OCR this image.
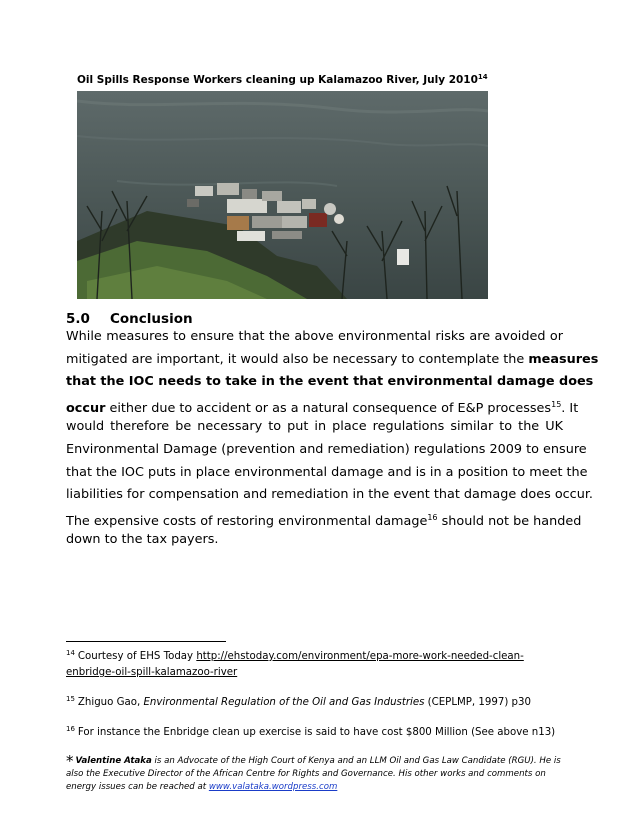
Oil Spills Response Workers cleaning up Kalamazoo River, July 2010$^{14}$
5.0 Conclusion
While measures to ensure that the above environmental risks are avoided or
mitigated are important, it would also be necessary to contemplate the measures
that the IOC needs to take in the event that environmental damage does
occur either due to accident or as a natural consequence of E&P processes$^{15}$. It
would therefore be necessary to put in place regulations similar to the UK
Environmental Damage (prevention and remediation) regulations 2009 to ensure
that the IOC puts in place environmental damage and is in a position to meet the
liabilities for compensation and remediation in the event that damage does occur.
The expensive costs of restoring environmental damage$^{16}$ should not be handed
down to the tax payers.
$^{14}$ Courtesy of EHS Today http://ehstoday.com/environment/epa-more-work-needed-clean-enbridge-oil-spill-kalamazoo-river
$^{15}$ Zhiguo Gao, Environmental Regulation of the Oil and Gas Industries (CEPLMP, 1997) p30
$^{16}$ For instance the Enbridge clean up exercise is said to have cost $800 Million (See above n13)
* Valentine Ataka is an Advocate of the High Court of Kenya and an LLM Oil and Gas Law Candidate (RGU). He is also the Executive Director of the African Centre for Rights and Governance. His other works and comments on energy issues can be reached at www.valataka.wordpress.com
